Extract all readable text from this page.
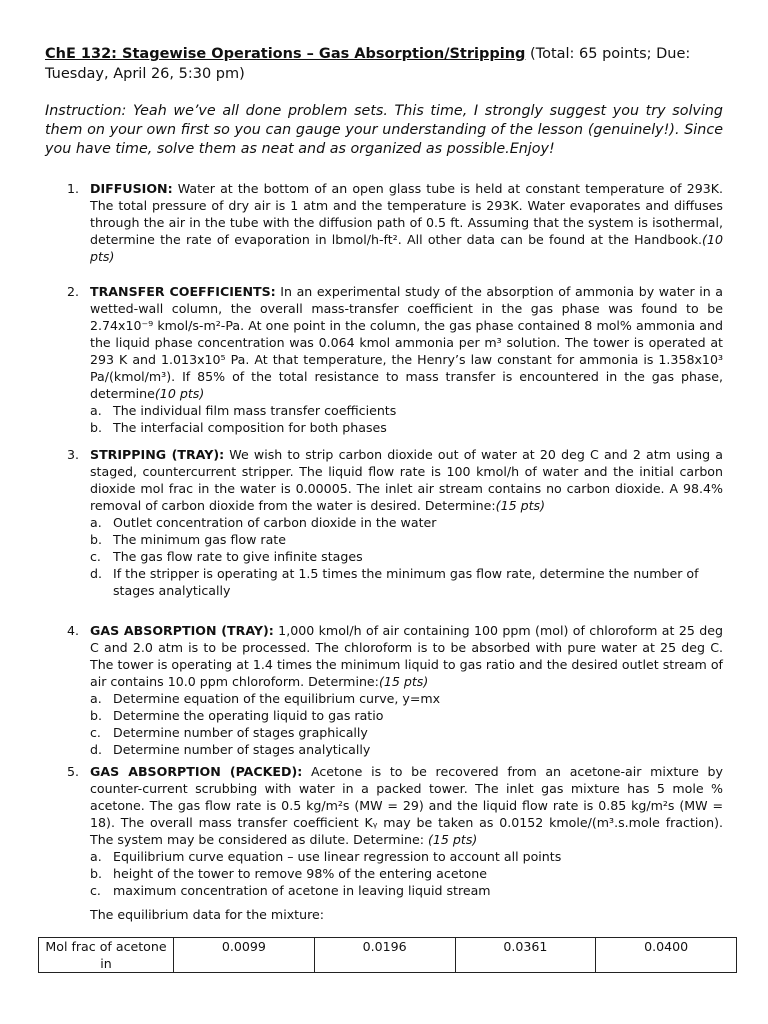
ChE 132: Stagewise Operations – Gas Absorption/Stripping (Total: 65 points; Due: Tuesday, April 26, 5:30 pm)
Instruction: Yeah we’ve all done problem sets. This time, I strongly suggest you try solving them on your own first so you can gauge your understanding of the lesson (genuinely!). Since you have time, solve them as neat and as organized as possible.Enjoy!
1. DIFFUSION: Water at the bottom of an open glass tube is held at constant temperature of 293K. The total pressure of dry air is 1 atm and the temperature is 293K. Water evaporates and diffuses through the air in the tube with the diffusion path of 0.5 ft. Assuming that the system is isothermal, determine the rate of evaporation in lbmol/h-ft². All other data can be found at the Handbook.(10 pts)
2. TRANSFER COEFFICIENTS: In an experimental study of the absorption of ammonia by water in a wetted-wall column, the overall mass-transfer coefficient in the gas phase was found to be 2.74x10⁻⁹ kmol/s-m²-Pa. At one point in the column, the gas phase contained 8 mol% ammonia and the liquid phase concentration was 0.064 kmol ammonia per m³ solution. The tower is operated at 293 K and 1.013x10⁵ Pa. At that temperature, the Henry’s law constant for ammonia is 1.358x10³ Pa/(kmol/m³). If 85% of the total resistance to mass transfer is encountered in the gas phase, determine(10 pts)
a. The individual film mass transfer coefficients
b. The interfacial composition for both phases
3. STRIPPING (TRAY): We wish to strip carbon dioxide out of water at 20 deg C and 2 atm using a staged, countercurrent stripper. The liquid flow rate is 100 kmol/h of water and the initial carbon dioxide mol frac in the water is 0.00005. The inlet air stream contains no carbon dioxide. A 98.4% removal of carbon dioxide from the water is desired. Determine:(15 pts)
a. Outlet concentration of carbon dioxide in the water
b. The minimum gas flow rate
c. The gas flow rate to give infinite stages
d. If the stripper is operating at 1.5 times the minimum gas flow rate, determine the number of stages analytically
4. GAS ABSORPTION (TRAY): 1,000 kmol/h of air containing 100 ppm (mol) of chloroform at 25 deg C and 2.0 atm is to be processed. The chloroform is to be absorbed with pure water at 25 deg C. The tower is operating at 1.4 times the minimum liquid to gas ratio and the desired outlet stream of air contains 10.0 ppm chloroform. Determine:(15 pts)
a. Determine equation of the equilibrium curve, y=mx
b. Determine the operating liquid to gas ratio
c. Determine number of stages graphically
d. Determine number of stages analytically
5. GAS ABSORPTION (PACKED): Acetone is to be recovered from an acetone-air mixture by counter-current scrubbing with water in a packed tower. The inlet gas mixture has 5 mole % acetone. The gas flow rate is 0.5 kg/m²s (MW = 29) and the liquid flow rate is 0.85 kg/m²s (MW = 18). The overall mass transfer coefficient Kᵧ may be taken as 0.0152 kmole/(m³.s.mole fraction). The system may be considered as dilute. Determine: (15 pts)
a. Equilibrium curve equation – use linear regression to account all points
b. height of the tower to remove 98% of the entering acetone
c. maximum concentration of acetone in leaving liquid stream
The equilibrium data for the mixture:
Mol frac of acetone in	0.0099	0.0196	0.0361	0.0400
